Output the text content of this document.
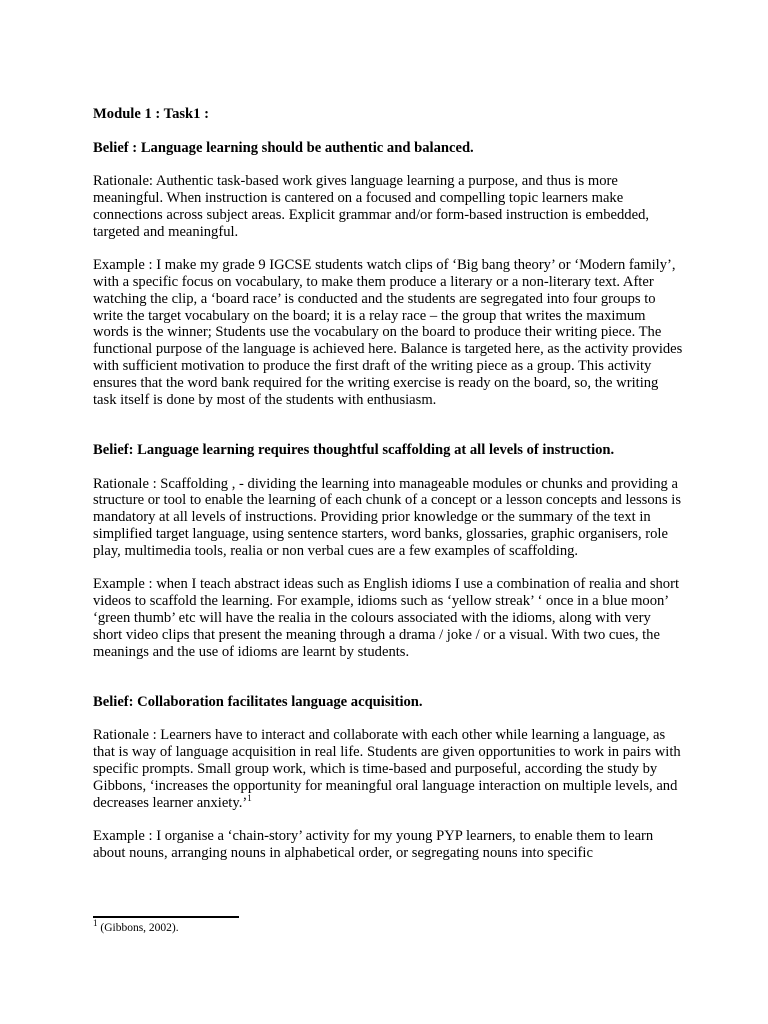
Module 1 : Task1 :
Belief : Language learning should be authentic and balanced.

Rationale: Authentic task-based work gives language learning a purpose, and thus is more meaningful. When instruction is cantered on a focused and compelling topic learners make connections across subject areas. Explicit grammar and/or form-based instruction is embedded, targeted and meaningful.

Example : I make my grade 9 IGCSE students watch clips of ‘Big bang theory’ or ‘Modern family’, with a specific focus on vocabulary, to make them produce a literary or a non-literary text. After watching the clip, a ‘board race’ is conducted and the students are segregated into four groups to write the target vocabulary on the board; it is a relay race – the group that writes the maximum words is the winner; Students use the vocabulary on the board to produce their writing piece. The functional purpose of the language is achieved here. Balance is targeted here, as the activity provides with sufficient motivation to produce the first draft of the writing piece as a group. This activity ensures that the word bank required for the writing exercise is ready on the board, so, the writing task itself is done by most of the students with enthusiasm.

Belief: Language learning requires thoughtful scaffolding at all levels of instruction.

Rationale : Scaffolding , - dividing the learning into manageable modules or chunks and providing a structure or tool to enable the learning of each chunk of a concept or a lesson concepts and lessons is mandatory at all levels of instructions. Providing prior knowledge or the summary of the text in simplified target language, using sentence starters, word banks, glossaries, graphic organisers, role play, multimedia tools, realia or non verbal cues are a few examples of scaffolding.

Example : when I teach abstract ideas such as English idioms I use a combination of realia and short videos to scaffold the learning. For example, idioms such as ‘yellow streak’ ‘ once in a blue moon’ ‘green thumb’ etc will have the realia in the colours associated with the idioms, along with very short video clips that present the meaning through a drama / joke / or a visual. With two cues, the meanings and the use of idioms are learnt by students.

Belief: Collaboration facilitates language acquisition.

Rationale : Learners have to interact and collaborate with each other while learning a language, as that is way of language acquisition in real life. Students are given opportunities to work in pairs with specific prompts. Small group work, which is time-based and purposeful, according the study by Gibbons, ‘increases the opportunity for meaningful oral language interaction on multiple levels, and decreases learner anxiety.’$^1$

Example : I organise a ‘chain-story’ activity for my young PYP learners, to enable them to learn about nouns, arranging nouns in alphabetical order, or segregating nouns into specific

$^1$ (Gibbons, 2002).
